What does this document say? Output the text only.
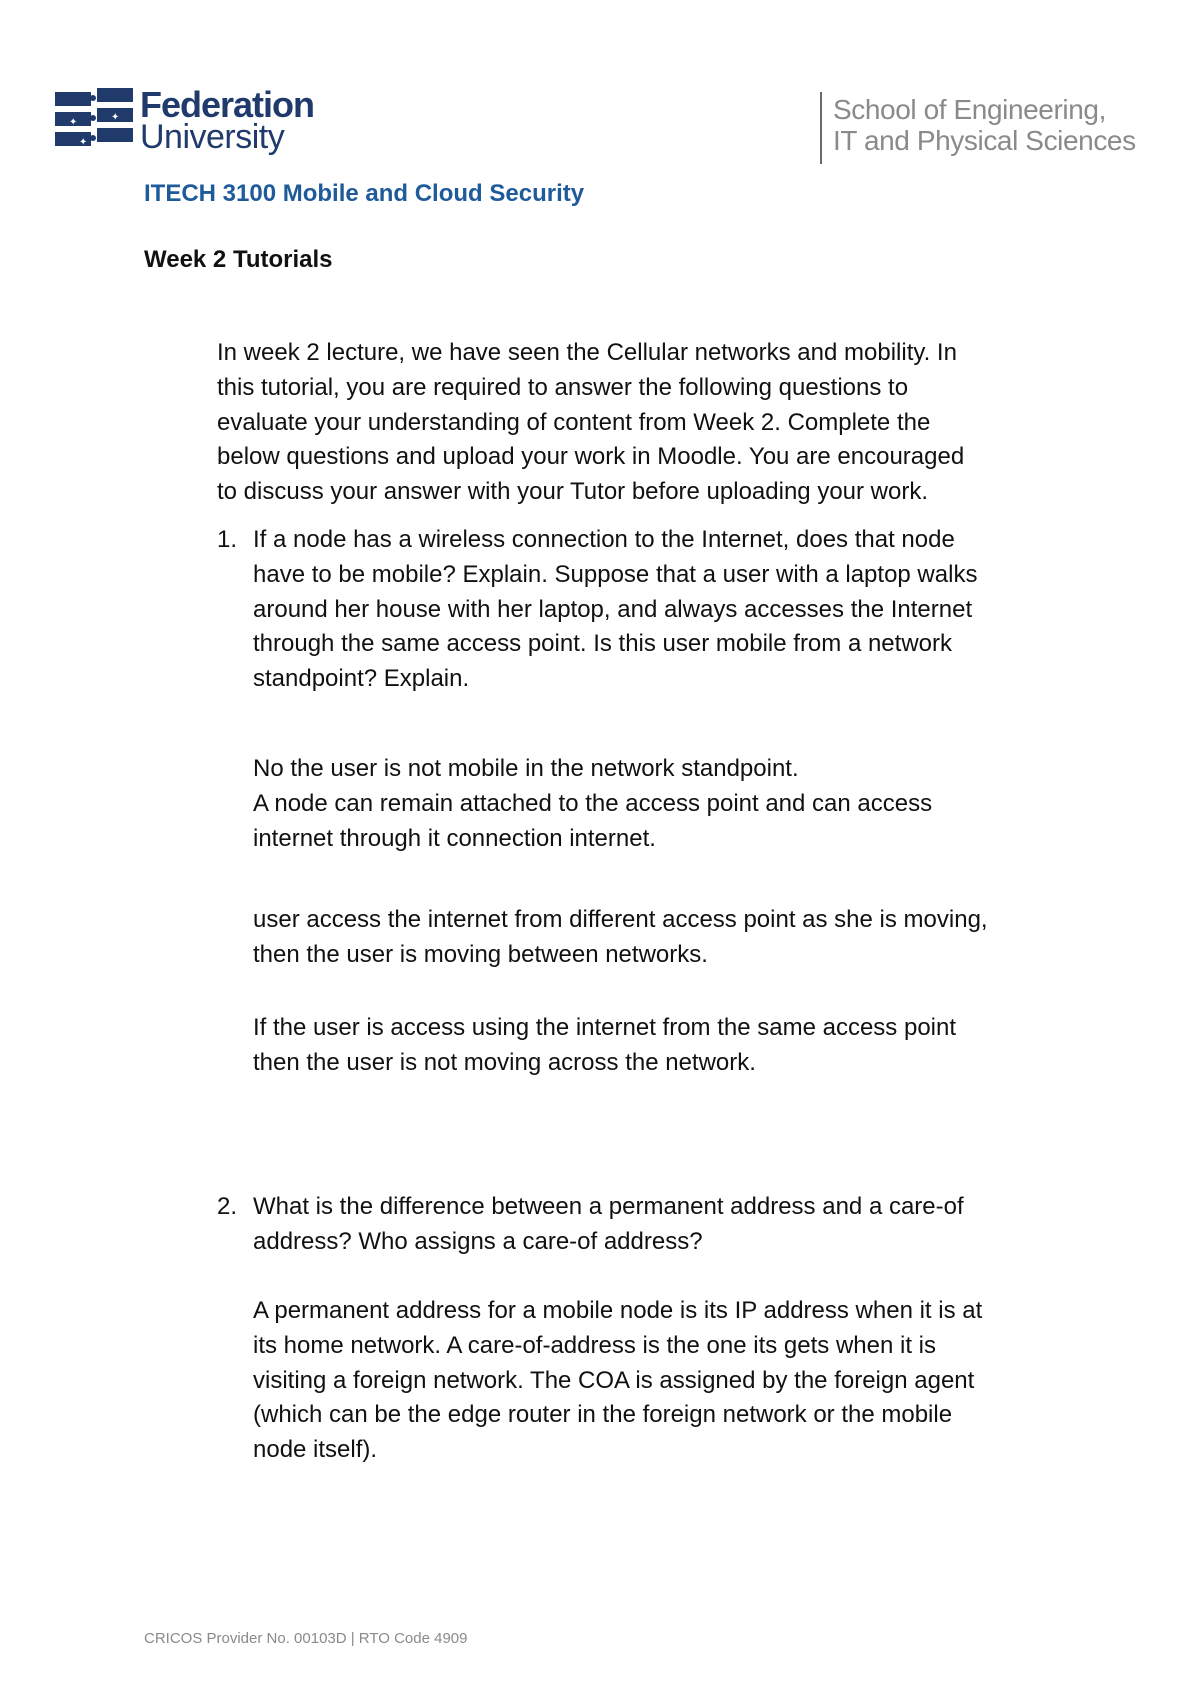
✦
✦
✦ Federation
University
School of Engineering,
IT and Physical Sciences
ITECH 3100 Mobile and Cloud Security
Week 2 Tutorials
In week 2 lecture, we have seen the Cellular networks and mobility. In
this tutorial, you are required to answer the following questions to
evaluate your understanding of content from Week 2. Complete the
below questions and upload your work in Moodle. You are encouraged
to discuss your answer with your Tutor before uploading your work.
1. If a node has a wireless connection to the Internet, does that node
have to be mobile? Explain. Suppose that a user with a laptop walks
around her house with her laptop, and always accesses the Internet
through the same access point. Is this user mobile from a network
standpoint? Explain.
No the user is not mobile in the network standpoint.
A node can remain attached to the access point and can access
internet through it connection internet.
user access the internet from different access point as she is moving,
then the user is moving between networks.
If the user is access using the internet from the same access point
then the user is not moving across the network.
2. What is the difference between a permanent address and a care-of
address? Who assigns a care-of address?
A permanent address for a mobile node is its IP address when it is at
its home network. A care-of-address is the one its gets when it is
visiting a foreign network. The COA is assigned by the foreign agent
(which can be the edge router in the foreign network or the mobile
node itself).
CRICOS Provider No. 00103D | RTO Code 4909
